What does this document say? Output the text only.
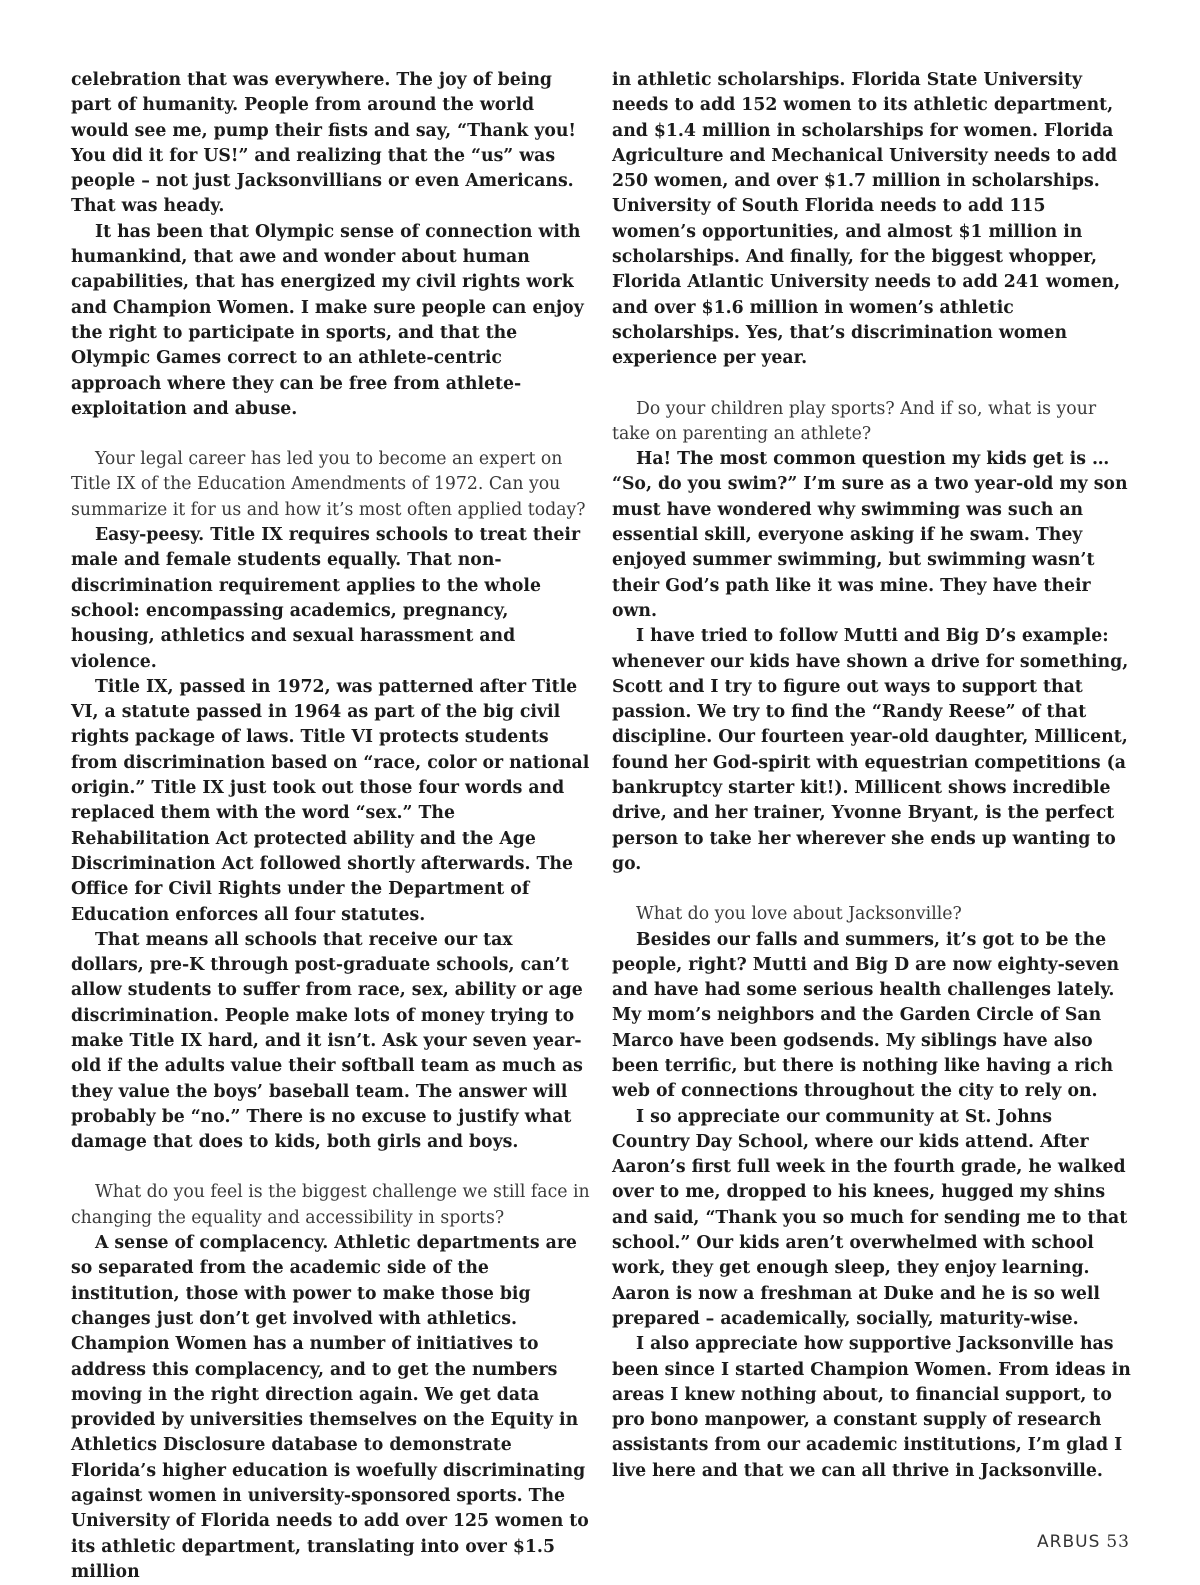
celebration that was everywhere. The joy of being part of humanity. People from around the world would see me, pump their fists and say, “Thank you! You did it for US!” and realizing that the “us” was people – not just Jacksonvillians or even Americans. That was heady.

It has been that Olympic sense of connection with humankind, that awe and wonder about human capabilities, that has energized my civil rights work and Champion Women. I make sure people can enjoy the right to participate in sports, and that the Olympic Games correct to an athlete-centric approach where they can be free from athlete-exploitation and abuse.

Your legal career has led you to become an expert on Title IX of the Education Amendments of 1972. Can you summarize it for us and how it’s most often applied today?

Easy-peesy. Title IX requires schools to treat their male and female students equally. That non-discrimination requirement applies to the whole school: encompassing academics, pregnancy, housing, athletics and sexual harassment and violence.

Title IX, passed in 1972, was patterned after Title VI, a statute passed in 1964 as part of the big civil rights package of laws. Title VI protects students from discrimination based on “race, color or national origin.” Title IX just took out those four words and replaced them with the word “sex.” The Rehabilitation Act protected ability and the Age Discrimination Act followed shortly afterwards. The Office for Civil Rights under the Department of Education enforces all four statutes.

That means all schools that receive our tax dollars, pre-K through post-graduate schools, can’t allow students to suffer from race, sex, ability or age discrimination. People make lots of money trying to make Title IX hard, and it isn’t. Ask your seven year-old if the adults value their softball team as much as they value the boys’ baseball team. The answer will probably be “no.” There is no excuse to justify what damage that does to kids, both girls and boys.

What do you feel is the biggest challenge we still face in changing the equality and accessibility in sports?

A sense of complacency. Athletic departments are so separated from the academic side of the institution, those with power to make those big changes just don’t get involved with athletics. Champion Women has a number of initiatives to address this complacency, and to get the numbers moving in the right direction again. We get data provided by universities themselves on the Equity in Athletics Disclosure database to demonstrate Florida’s higher education is woefully discriminating against women in university-sponsored sports. The University of Florida needs to add over 125 women to its athletic department, translating into over $1.5 million

in athletic scholarships. Florida State University needs to add 152 women to its athletic department, and $1.4 million in scholarships for women. Florida Agriculture and Mechanical University needs to add 250 women, and over $1.7 million in scholarships. University of South Florida needs to add 115 women’s opportunities, and almost $1 million in scholarships. And finally, for the biggest whopper, Florida Atlantic University needs to add 241 women, and over $1.6 million in women’s athletic scholarships. Yes, that’s discrimination women experience per year.

Do your children play sports? And if so, what is your take on parenting an athlete?

Ha! The most common question my kids get is … “So, do you swim?” I’m sure as a two year-old my son must have wondered why swimming was such an essential skill, everyone asking if he swam. They enjoyed summer swimming, but swimming wasn’t their God’s path like it was mine. They have their own.

I have tried to follow Mutti and Big D’s example: whenever our kids have shown a drive for something, Scott and I try to figure out ways to support that passion. We try to find the “Randy Reese” of that discipline. Our fourteen year-old daughter, Millicent, found her God-spirit with equestrian competitions (a bankruptcy starter kit!). Millicent shows incredible drive, and her trainer, Yvonne Bryant, is the perfect person to take her wherever she ends up wanting to go.

What do you love about Jacksonville?

Besides our falls and summers, it’s got to be the people, right? Mutti and Big D are now eighty-seven and have had some serious health challenges lately. My mom’s neighbors and the Garden Circle of San Marco have been godsends. My siblings have also been terrific, but there is nothing like having a rich web of connections throughout the city to rely on.

I so appreciate our community at St. Johns Country Day School, where our kids attend. After Aaron’s first full week in the fourth grade, he walked over to me, dropped to his knees, hugged my shins and said, “Thank you so much for sending me to that school.” Our kids aren’t overwhelmed with school work, they get enough sleep, they enjoy learning. Aaron is now a freshman at Duke and he is so well prepared – academically, socially, maturity-wise.

I also appreciate how supportive Jacksonville has been since I started Champion Women. From ideas in areas I knew nothing about, to financial support, to pro bono manpower, a constant supply of research assistants from our academic institutions, I’m glad I live here and that we can all thrive in Jacksonville.

ARBUS 53
